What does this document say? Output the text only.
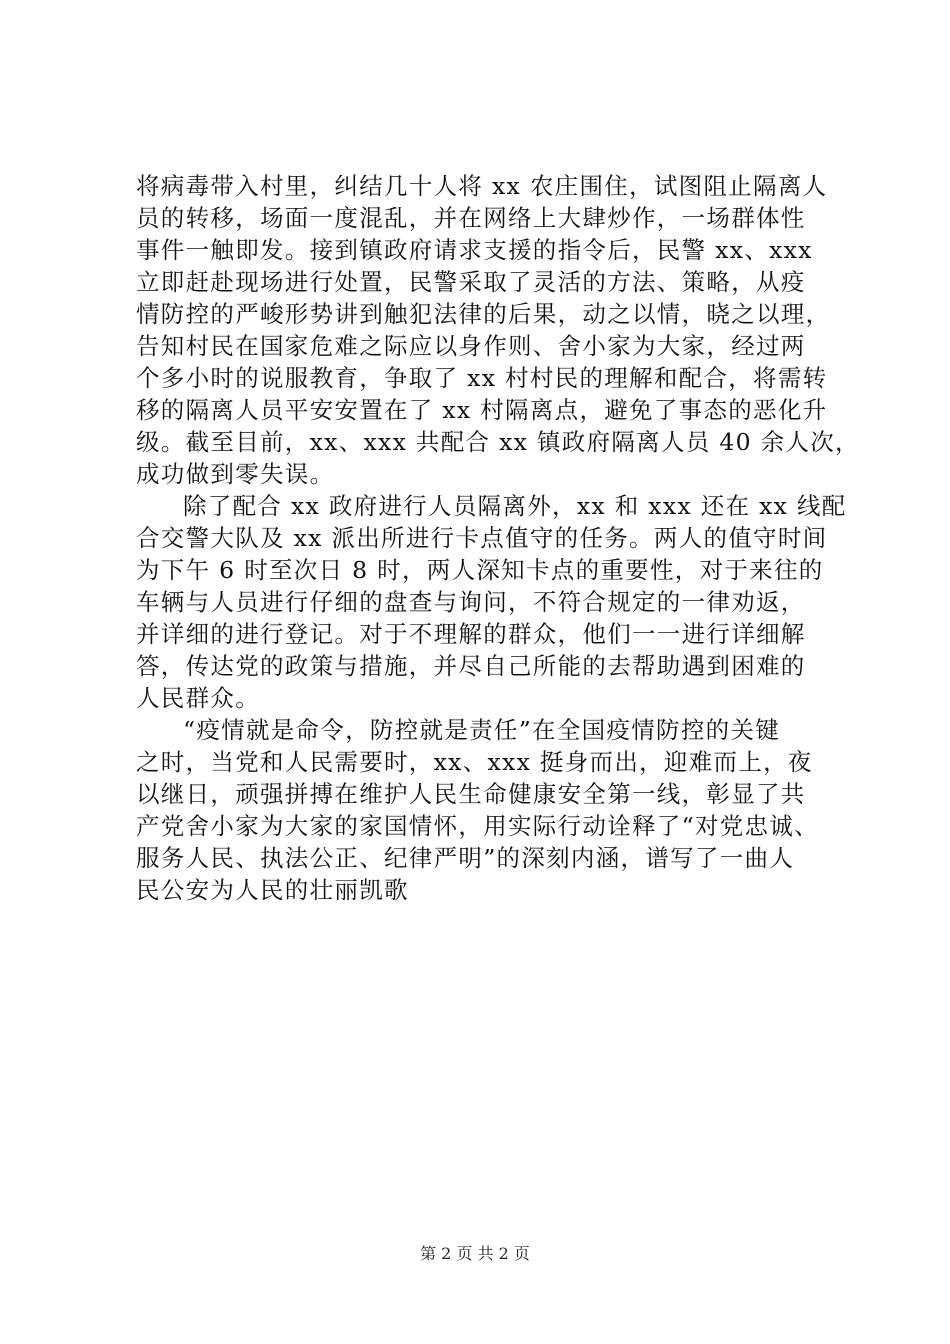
将病毒带入村里，纠结几十人将 xx 农庄围住，试图阻止隔离人
员的转移，场面一度混乱，并在网络上大肆炒作，一场群体性
事件一触即发。接到镇政府请求支援的指令后，民警 xx、xxx
立即赶赴现场进行处置，民警采取了灵活的方法、策略，从疫
情防控的严峻形势讲到触犯法律的后果，动之以情，晓之以理，
告知村民在国家危难之际应以身作则、舍小家为大家，经过两
个多小时的说服教育，争取了 xx 村村民的理解和配合，将需转
移的隔离人员平安安置在了 xx 村隔离点，避免了事态的恶化升
级。截至目前，xx、xxx 共配合 xx 镇政府隔离人员 40 余人次，
成功做到零失误。
除了配合 xx 政府进行人员隔离外，xx 和 xxx 还在 xx 线配
合交警大队及 xx 派出所进行卡点值守的任务。两人的值守时间
为下午 6 时至次日 8 时，两人深知卡点的重要性，对于来往的
车辆与人员进行仔细的盘查与询问，不符合规定的一律劝返，
并详细的进行登记。对于不理解的群众，他们一一进行详细解
答，传达党的政策与措施，并尽自己所能的去帮助遇到困难的
人民群众。
“疫情就是命令，防控就是责任”在全国疫情防控的关键
之时，当党和人民需要时，xx、xxx 挺身而出，迎难而上，夜
以继日，顽强拼搏在维护人民生命健康安全第一线，彰显了共
产党舍小家为大家的家国情怀，用实际行动诠释了“对党忠诚、
服务人民、执法公正、纪律严明”的深刻内涵，谱写了一曲人
民公安为人民的壮丽凯歌
第 2 页 共 2 页
